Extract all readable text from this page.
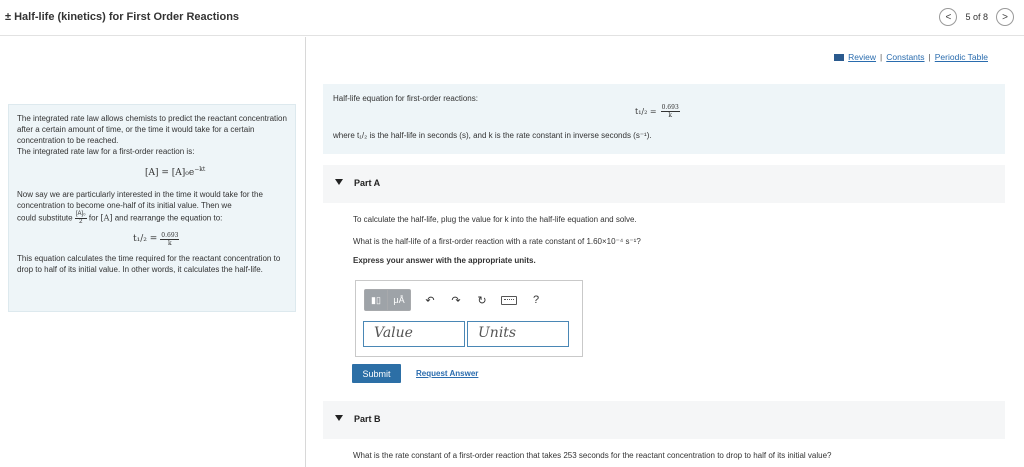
± Half-life (kinetics) for First Order Reactions	< 5 of 8 >

The integrated rate law allows chemists to predict the reactant concentration after a certain amount of time, or the time it would take for a certain concentration to be reached.

The integrated rate law for a first-order reaction is:

$[A] = [A]_0e^{-kt}$

Now say we are particularly interested in the time it would take for the concentration to become one-half of its initial value. Then we

could substitute $\frac{\text{[A]₀}}{2}$ for [A] and rearrange the equation to:

$t_1/_2 = \frac{0.693}{k}$

This equation calculates the time required for the reactant concentration to drop to half of its initial value. In other words, it calculates the half-life.

Review | Constants | Periodic Table
Half-life equation for first-order reactions:
$t_1/_2 = \frac{0.693}{k}$
where t₁/₂ is the half-life in seconds (s), and k is the rate constant in inverse seconds (s⁻¹).
Part A
To calculate the half-life, plug the value for k into the half-life equation and solve.
What is the half-life of a first-order reaction with a rate constant of 1.60×10⁻⁴ s⁻¹?
Express your answer with the appropriate units.
▮▯ μÅ ↶ ↷ ↻	?
Value	Units
Submit	Request Answer
Part B
What is the rate constant of a first-order reaction that takes 253 seconds for the reactant concentration to drop to half of its initial value?
